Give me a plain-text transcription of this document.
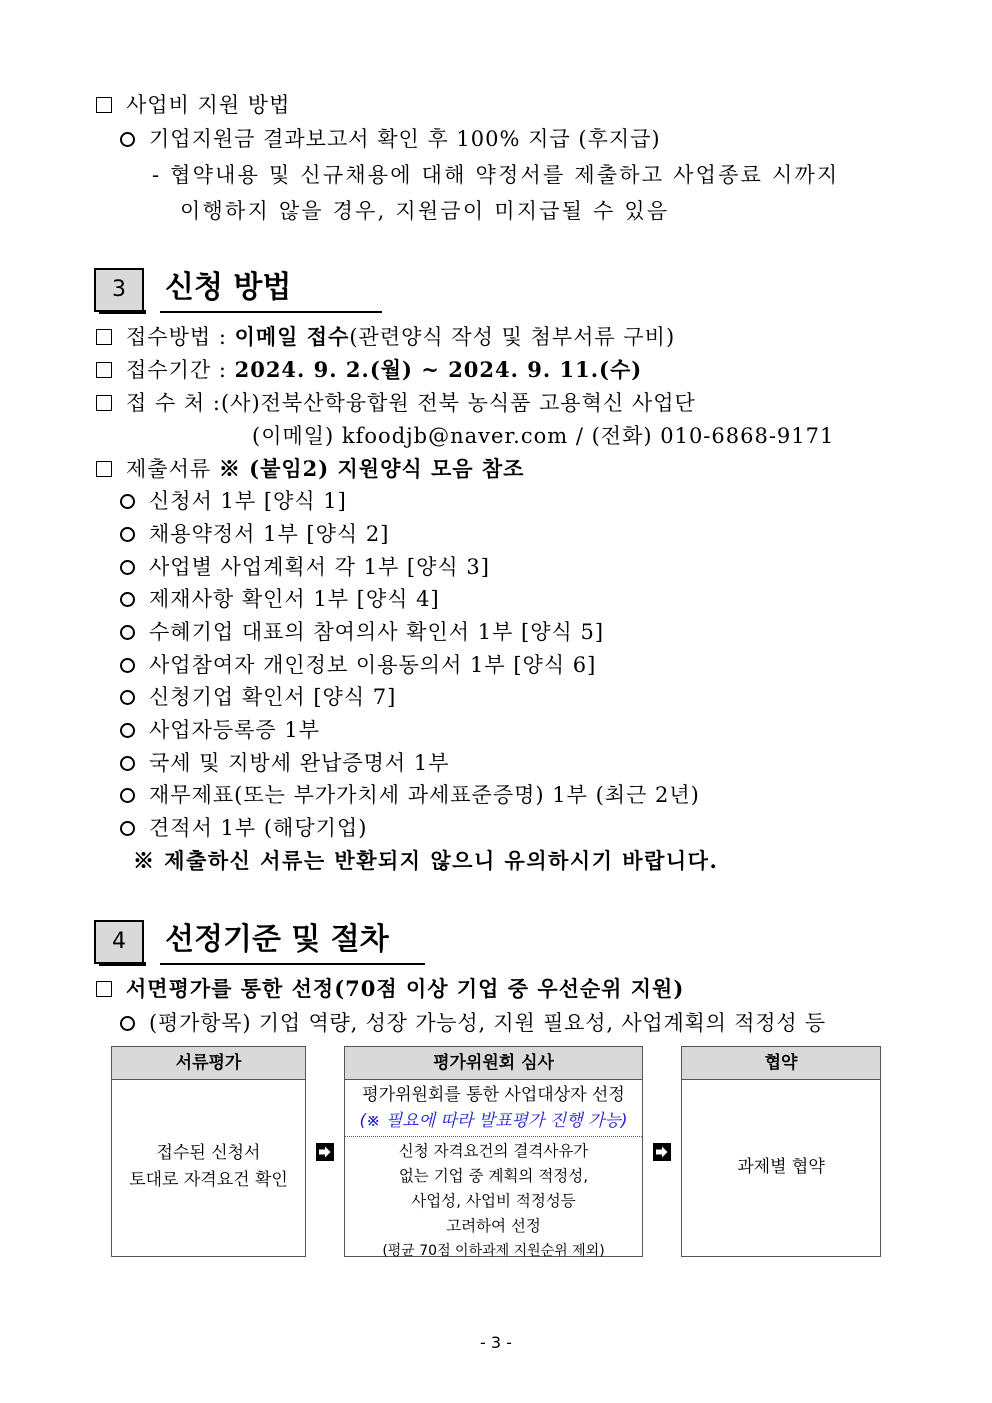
사업비 지원 방법
기업지원금 결과보고서 확인 후 100% 지급 (후지급)
- 협약내용 및 신규채용에 대해 약정서를 제출하고 사업종료 시까지
이행하지 않을 경우, 지원금이 미지급될 수 있음
3	신청 방법
접수방법 : 이메일 접수(관련양식 작성 및 첨부서류 구비)
접수기간 : 2024. 9. 2.(월) ~ 2024. 9. 11.(수)
접 수 처 :(사)전북산학융합원 전북 농식품 고용혁신 사업단
(이메일) kfoodjb@naver.com / (전화) 010-6868-9171
제출서류 ※ (붙임2) 지원양식 모음 참조
신청서 1부 [양식 1]
채용약정서 1부 [양식 2]
사업별 사업계획서 각 1부 [양식 3]
제재사항 확인서 1부 [양식 4]
수혜기업 대표의 참여의사 확인서 1부 [양식 5]
사업참여자 개인정보 이용동의서 1부 [양식 6]
신청기업 확인서 [양식 7]
사업자등록증 1부
국세 및 지방세 완납증명서 1부
재무제표(또는 부가가치세 과세표준증명) 1부 (최근 2년)
견적서 1부 (해당기업)
※ 제출하신 서류는 반환되지 않으니 유의하시기 바랍니다.
4	선정기준 및 절차
서면평가를 통한 선정(70점 이상 기업 중 우선순위 지원)
(평가항목) 기업 역량, 성장 가능성, 지원 필요성, 사업계획의 적정성 등
서류평가
접수된 신청서
토대로 자격요건 확인
평가위원회 심사
평가위원회를 통한 사업대상자 선정
(※ 필요에 따라 발표평가 진행 가능)
신청 자격요건의 결격사유가
없는 기업 중 계획의 적정성,
사업성, 사업비 적정성등
고려하여 선정
(평균 70점 이하과제 지원순위 제외)
협약
과제별 협약
- 3 -
